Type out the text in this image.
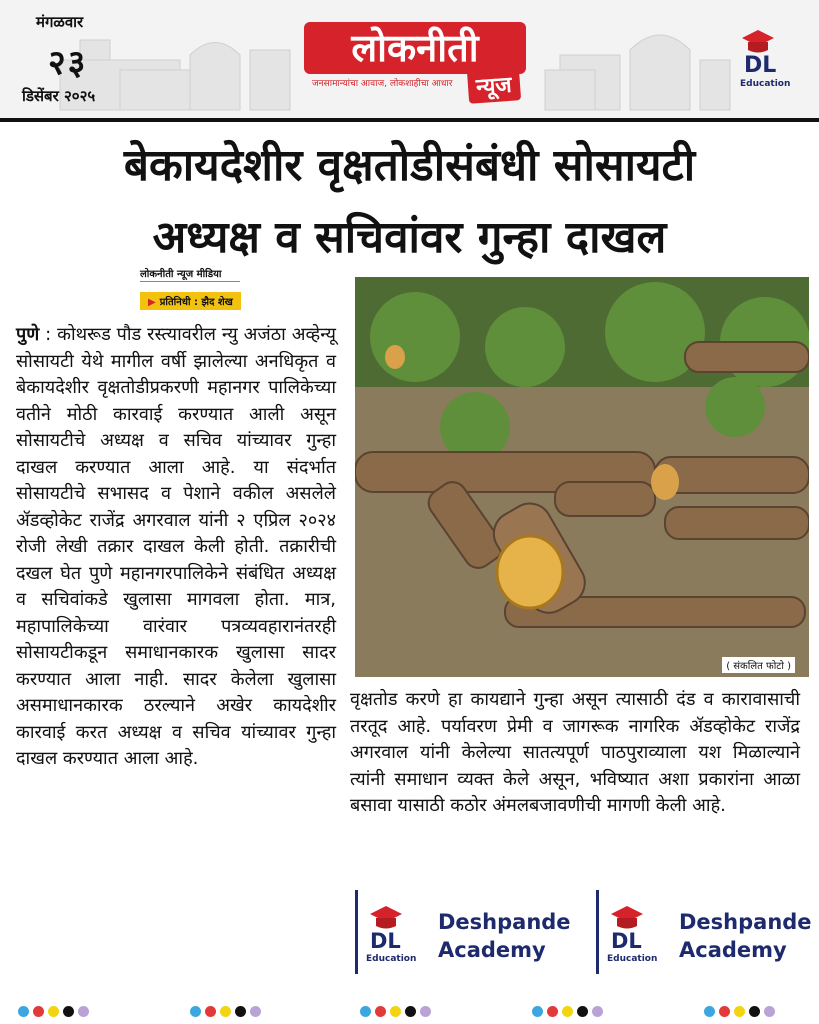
मंगळवार
२३
डिसेंबर २०२५
लोकनीती
जनसामान्यांचा आवाज, लोकशाहीचा आधार	न्यूज
DL
Education
बेकायदेशीर वृक्षतोडीसंबंधी सोसायटी
अध्यक्ष व सचिवांवर गुन्हा दाखल
लोकनीती न्यूज मीडिया
▶ प्रतिनिधी : झैद शेख
पुणे : कोथरूड पौड रस्त्यावरील न्यु अजंठा अव्हेन्यू सोसायटी येथे मागील वर्षी झालेल्या अनधिकृत व बेकायदेशीर वृक्षतोडीप्रकरणी महानगर पालिकेच्या वतीने मोठी कारवाई करण्यात आली असून सोसायटीचे अध्यक्ष व सचिव यांच्यावर गुन्हा दाखल करण्यात आला आहे. या संदर्भात सोसायटीचे सभासद व पेशाने वकील असलेले ॲडव्होकेट राजेंद्र अगरवाल यांनी २ एप्रिल २०२४ रोजी लेखी तक्रार दाखल केली होती. तक्रारीची दखल घेत पुणे महानगरपालिकेने संबंधित अध्यक्ष व सचिवांकडे खुलासा मागवला होता. मात्र, महापालिकेच्या वारंवार पत्रव्यवहारानंतरही सोसायटीकडून समाधानकारक खुलासा सादर करण्यात आला नाही. सादर केलेला खुलासा असमाधानकारक ठरल्याने अखेर कायदेशीर कारवाई करत अध्यक्ष व सचिव यांच्यावर गुन्हा दाखल करण्यात आला आहे.
( संकलित फोटो )
वृक्षतोड करणे हा कायद्याने गुन्हा असून त्यासाठी दंड व कारावासाची तरतूद आहे. पर्यावरण प्रेमी व जागरूक नागरिक ॲडव्होकेट राजेंद्र अगरवाल यांनी केलेल्या सातत्यपूर्ण पाठपुराव्याला यश मिळाल्याने त्यांनी समाधान व्यक्त केले असून, भविष्यात अशा प्रकारांना आळा बसावा यासाठी कठोर अंमलबजावणीची मागणी केली आहे.
DL
Education
Deshpande
Academy	DL
Education
Deshpande
Academy
